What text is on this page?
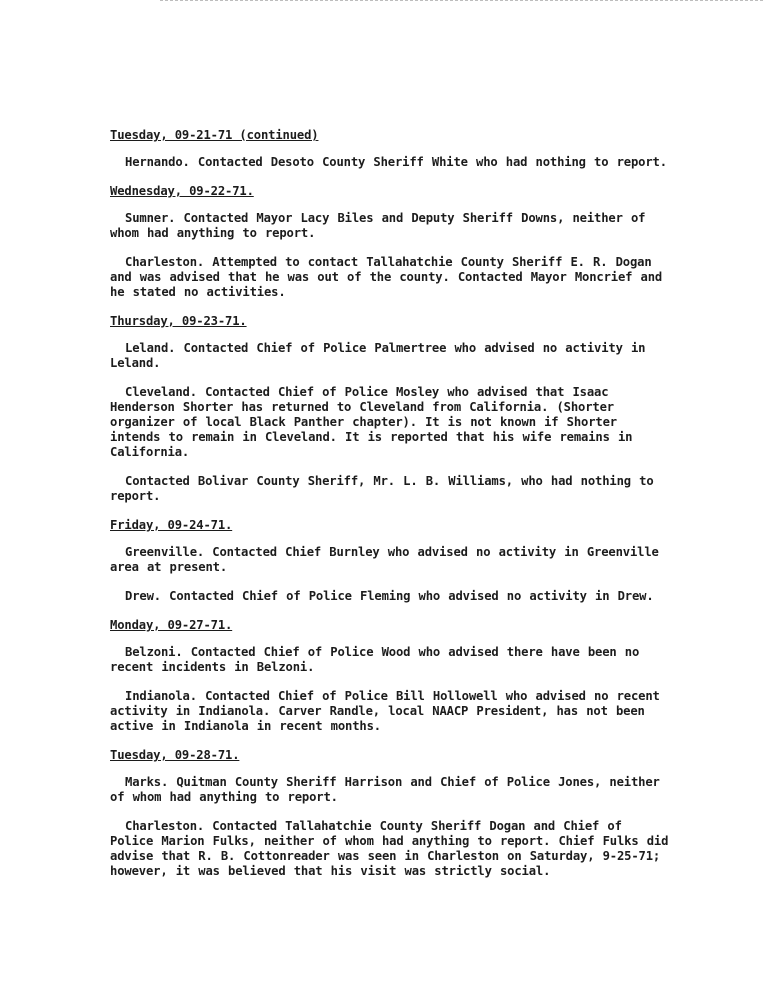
Tuesday, 09-21-71 (continued)

Hernando. Contacted Desoto County Sheriff White who had nothing to report.

Wednesday, 09-22-71.

Sumner. Contacted Mayor Lacy Biles and Deputy Sheriff Downs, neither of whom had anything to report.

Charleston. Attempted to contact Tallahatchie County Sheriff E. R. Dogan and was advised that he was out of the county. Contacted Mayor Moncrief and he stated no activities.

Thursday, 09-23-71.

Leland. Contacted Chief of Police Palmertree who advised no activity in Leland.

Cleveland. Contacted Chief of Police Mosley who advised that Isaac Henderson Shorter has returned to Cleveland from California. (Shorter organizer of local Black Panther chapter). It is not known if Shorter intends to remain in Cleveland. It is reported that his wife remains in California.

Contacted Bolivar County Sheriff, Mr. L. B. Williams, who had nothing to report.

Friday, 09-24-71.

Greenville. Contacted Chief Burnley who advised no activity in Greenville area at present.

Drew. Contacted Chief of Police Fleming who advised no activity in Drew.

Monday, 09-27-71.

Belzoni. Contacted Chief of Police Wood who advised there have been no recent incidents in Belzoni.

Indianola. Contacted Chief of Police Bill Hollowell who advised no recent activity in Indianola. Carver Randle, local NAACP President, has not been active in Indianola in recent months.

Tuesday, 09-28-71.

Marks. Quitman County Sheriff Harrison and Chief of Police Jones, neither of whom had anything to report.

Charleston. Contacted Tallahatchie County Sheriff Dogan and Chief of Police Marion Fulks, neither of whom had anything to report. Chief Fulks did advise that R. B. Cottonreader was seen in Charleston on Saturday, 9-25-71; however, it was believed that his visit was strictly social.
